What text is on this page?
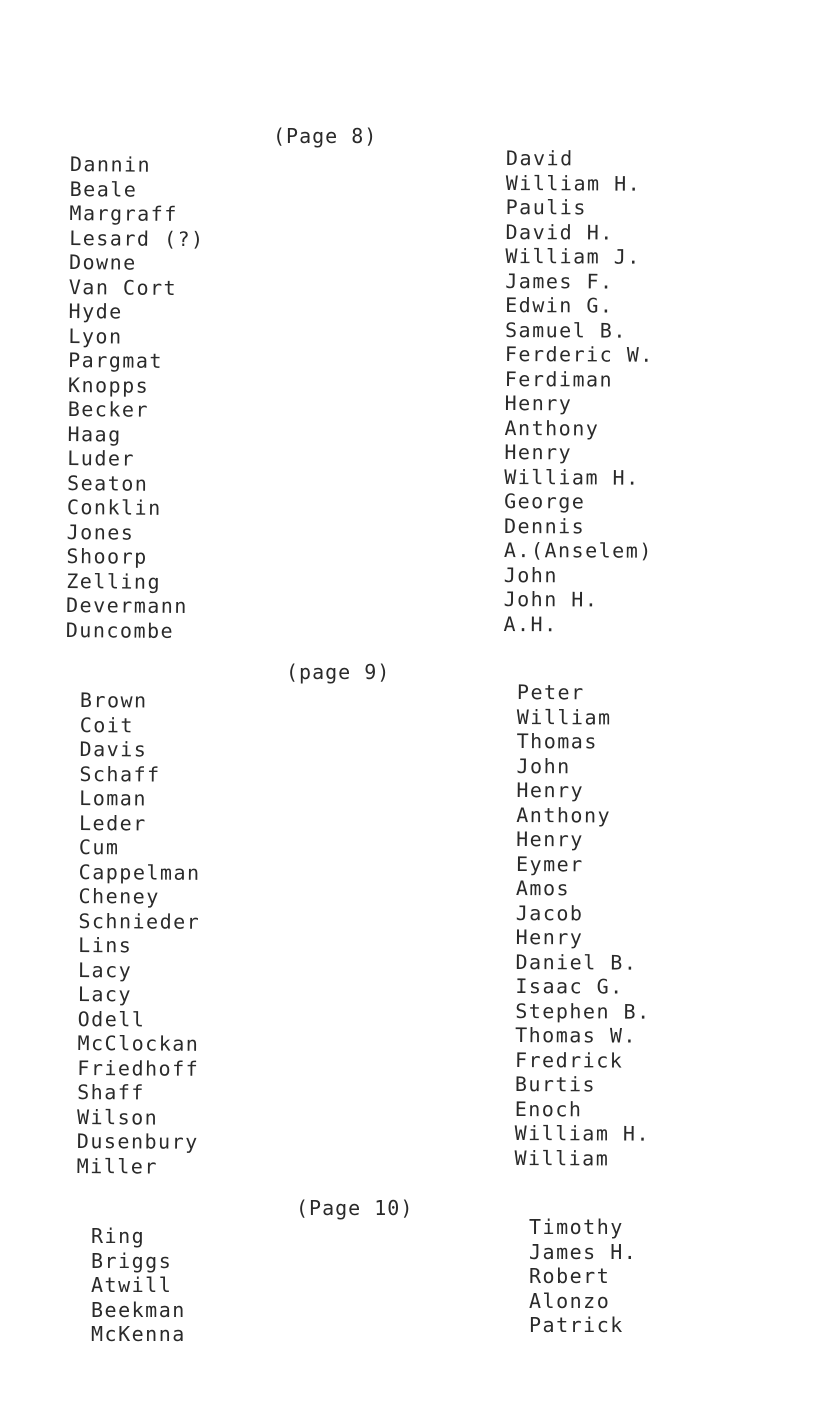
(Page 8)
Dannin
Beale
Margraff
Lesard (?)
Downe
Van Cort
Hyde
Lyon
Pargmat
Knopps
Becker
Haag
Luder
Seaton
Conklin
Jones
Shoorp
Zelling
Devermann
Duncombe
David
William H.
Paulis
David H.
William J.
James F.
Edwin G.
Samuel B.
Ferderic W.
Ferdiman
Henry
Anthony
Henry
William H.
George
Dennis
A.(Anselem)
John
John H.
A.H.
(page 9)
Brown
Coit
Davis
Schaff
Loman
Leder
Cum
Cappelman
Cheney
Schnieder
Lins
Lacy
Lacy
Odell
McClockan
Friedhoff
Shaff
Wilson
Dusenbury
Miller
Peter
William
Thomas
John
Henry
Anthony
Henry
Eymer
Amos
Jacob
Henry
Daniel B.
Isaac G.
Stephen B.
Thomas W.
Fredrick
Burtis
Enoch
William H.
William
(Page 10)
Ring
Briggs
Atwill
Beekman
McKenna
Timothy
James H.
Robert
Alonzo
Patrick
